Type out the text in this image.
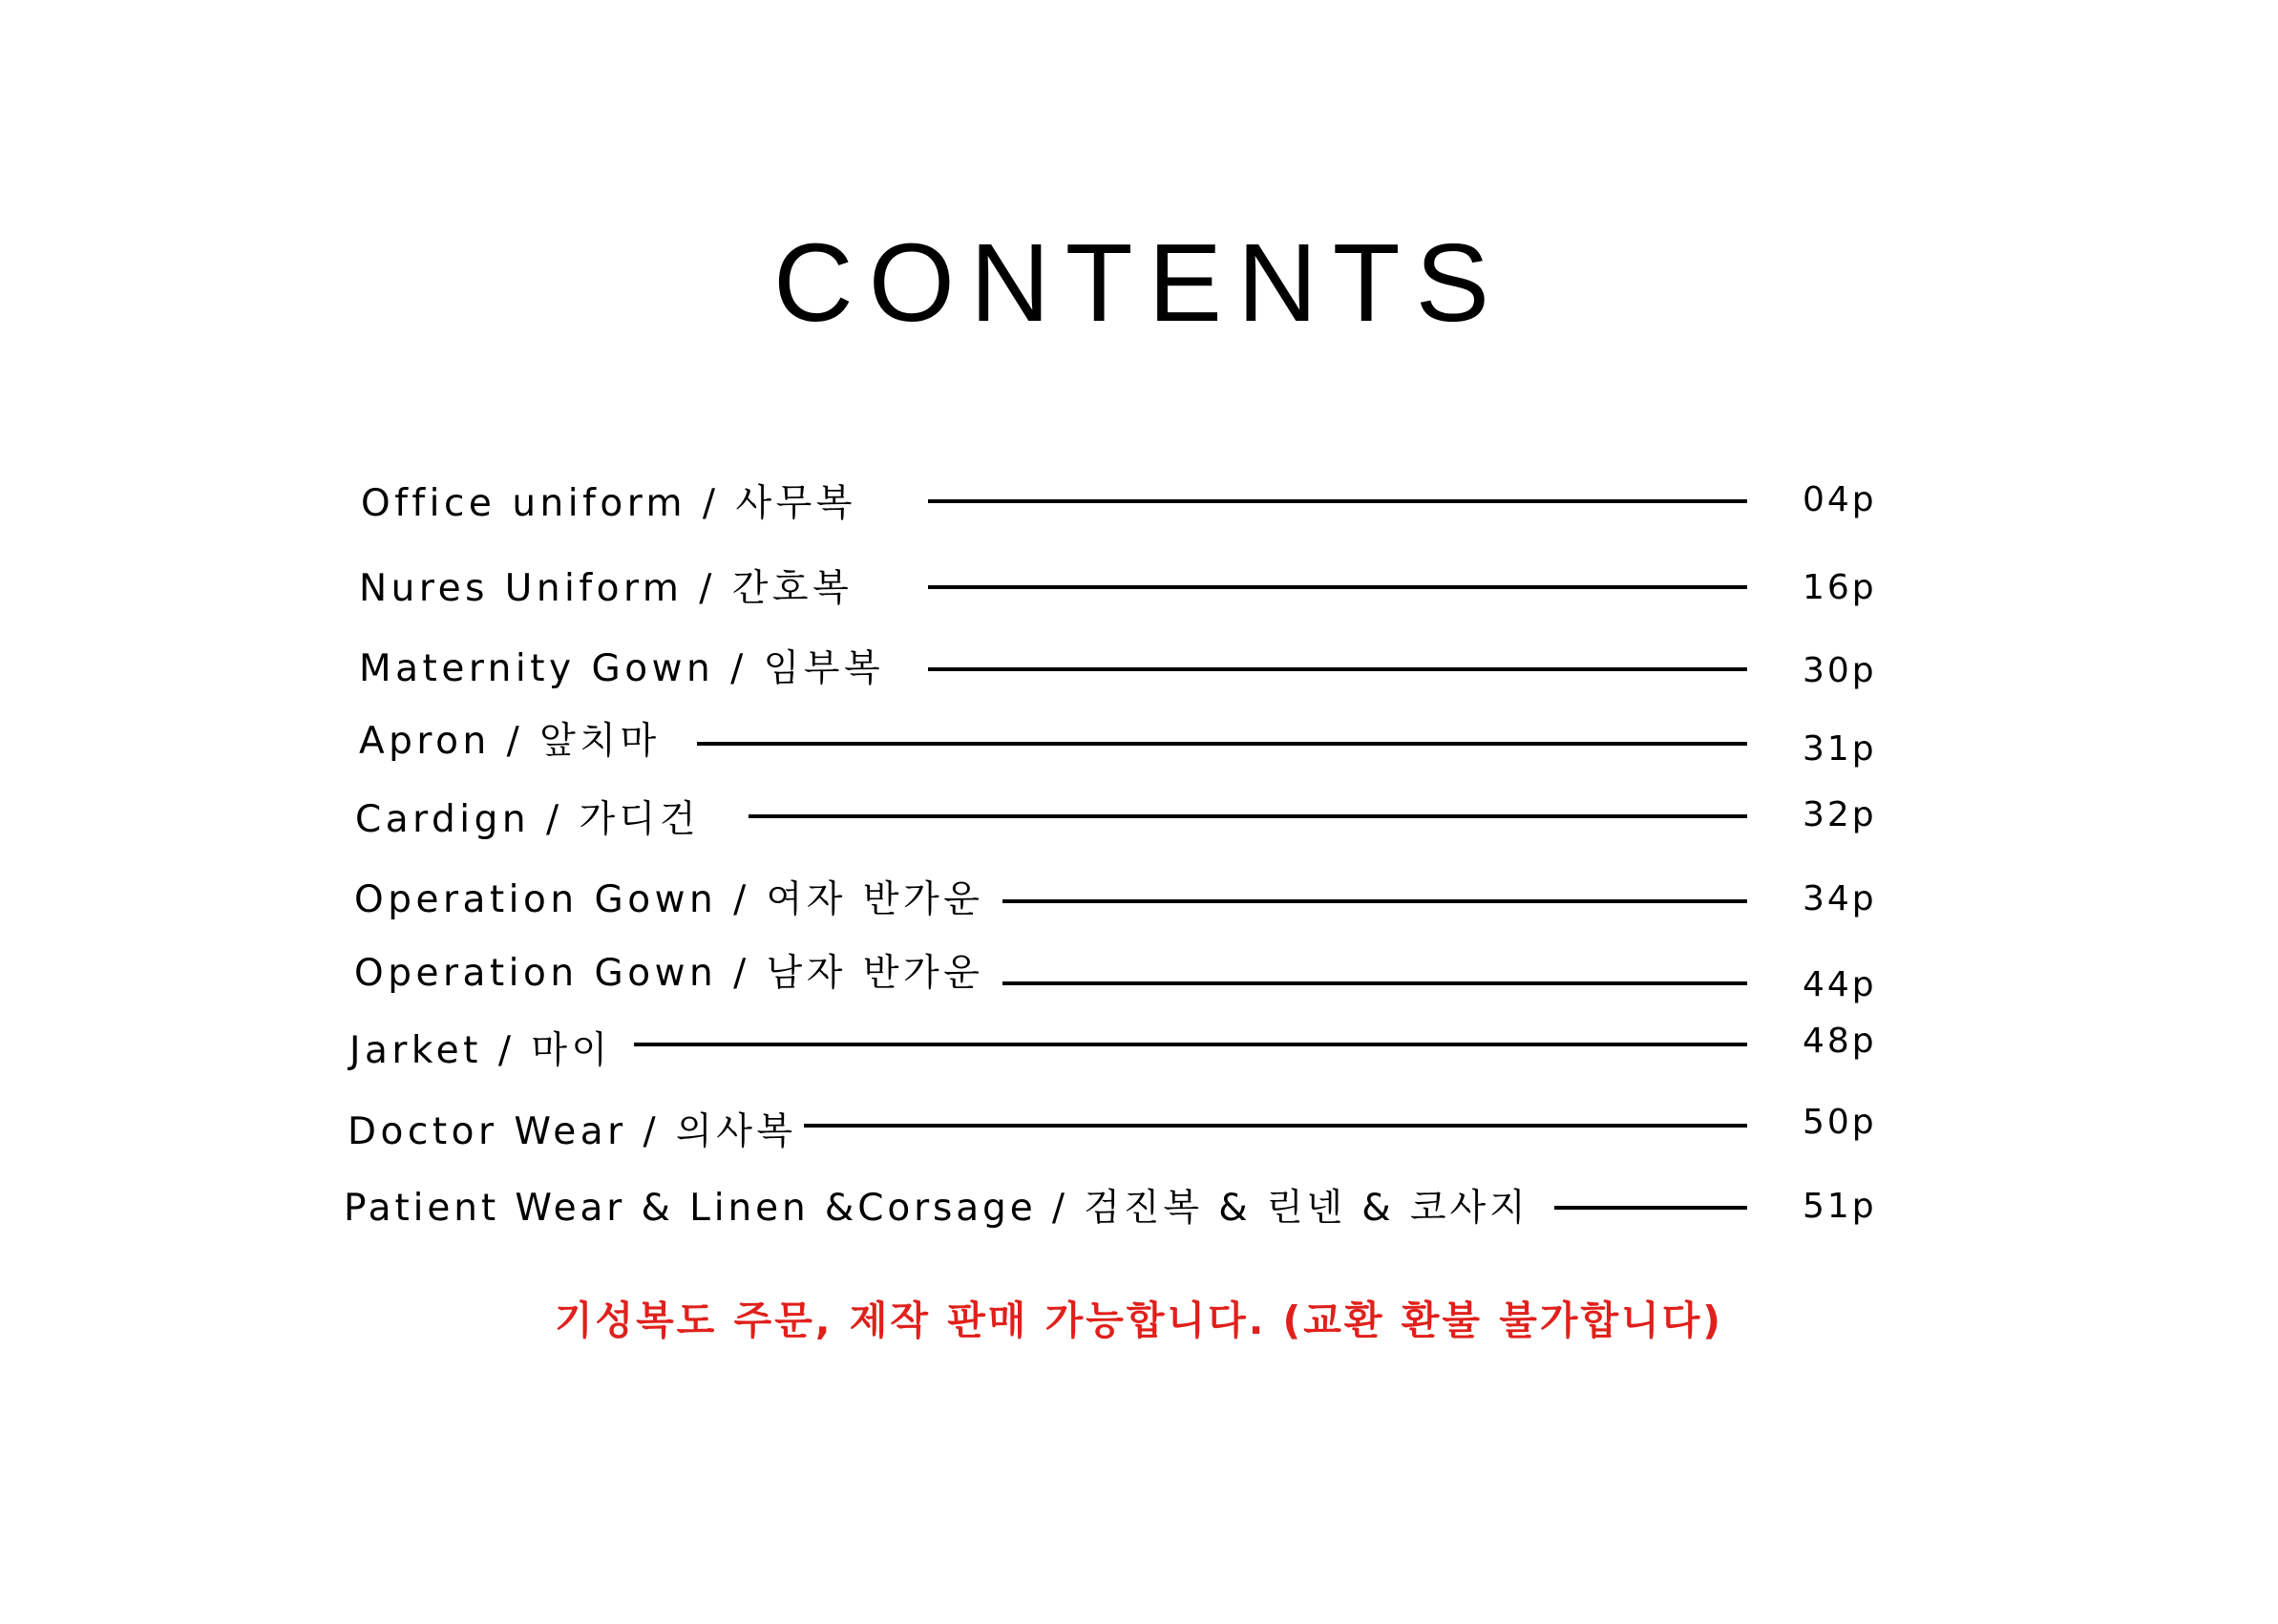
CONTENTS
Office uniform / 사무복	04p
Nures Uniform / 간호복	16p
Maternity Gown / 임부복	30p
Apron / 앞치마	31p
Cardign / 가디건	32p
Operation Gown / 여자 반가운	34p
Operation Gown / 남자 반가운	44p
Jarket / 마이	48p
Doctor Wear / 의사복	50p
Patient Wear & Linen &Corsage / 검진복 & 린넨 & 코사지	51p
기성복도 주문, 제작 판매 가능합니다. (교환 환불 불가합니다)
